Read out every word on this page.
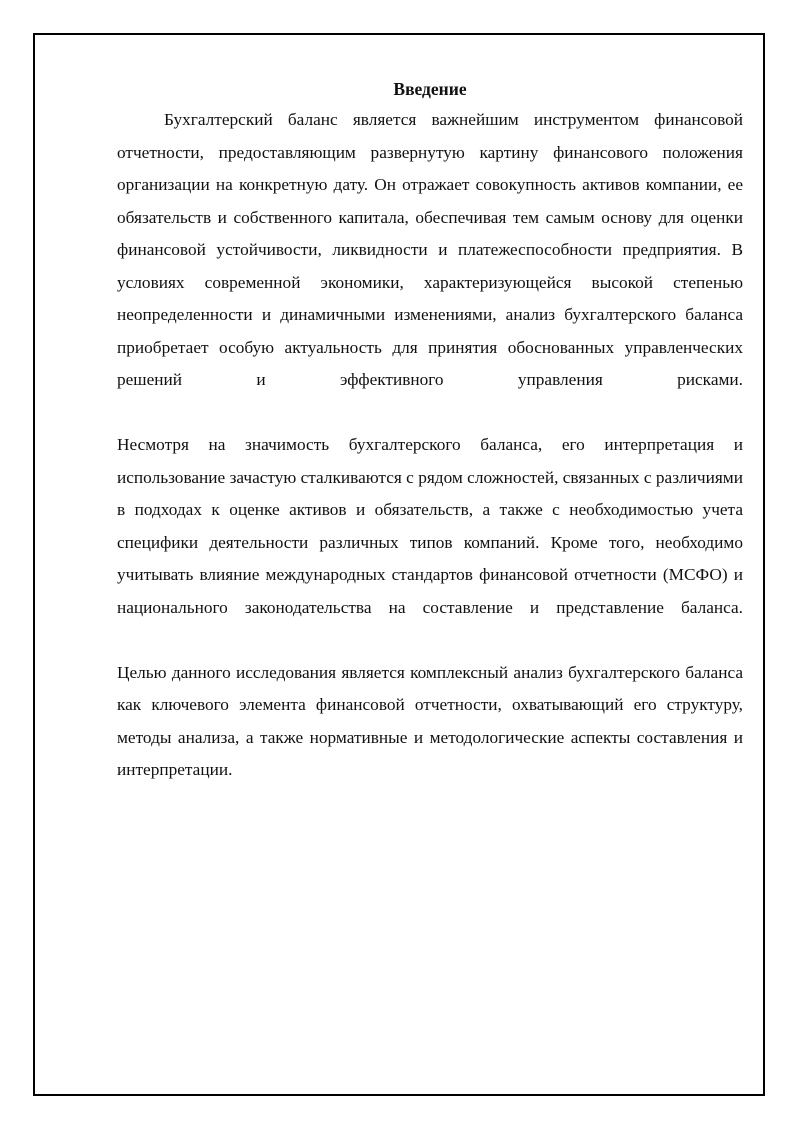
Введение

Бухгалтерский баланс является важнейшим инструментом финансовой отчетности, предоставляющим развернутую картину финансового положения организации на конкретную дату. Он отражает совокупность активов компании, ее обязательств и собственного капитала, обеспечивая тем самым основу для оценки финансовой устойчивости, ликвидности и платежеспособности предприятия. В условиях современной экономики, характеризующейся высокой степенью неопределенности и динамичными изменениями, анализ бухгалтерского баланса приобретает особую актуальность для принятия обоснованных управленческих решений и эффективного управления рисками.

Несмотря на значимость бухгалтерского баланса, его интерпретация и использование зачастую сталкиваются с рядом сложностей, связанных с различиями в подходах к оценке активов и обязательств, а также с необходимостью учета специфики деятельности различных типов компаний. Кроме того, необходимо учитывать влияние международных стандартов финансовой отчетности (МСФО) и национального законодательства на составление и представление баланса.

Целью данного исследования является комплексный анализ бухгалтерского баланса как ключевого элемента финансовой отчетности, охватывающий его структуру, методы анализа, а также нормативные и методологические аспекты составления и интерпретации.
